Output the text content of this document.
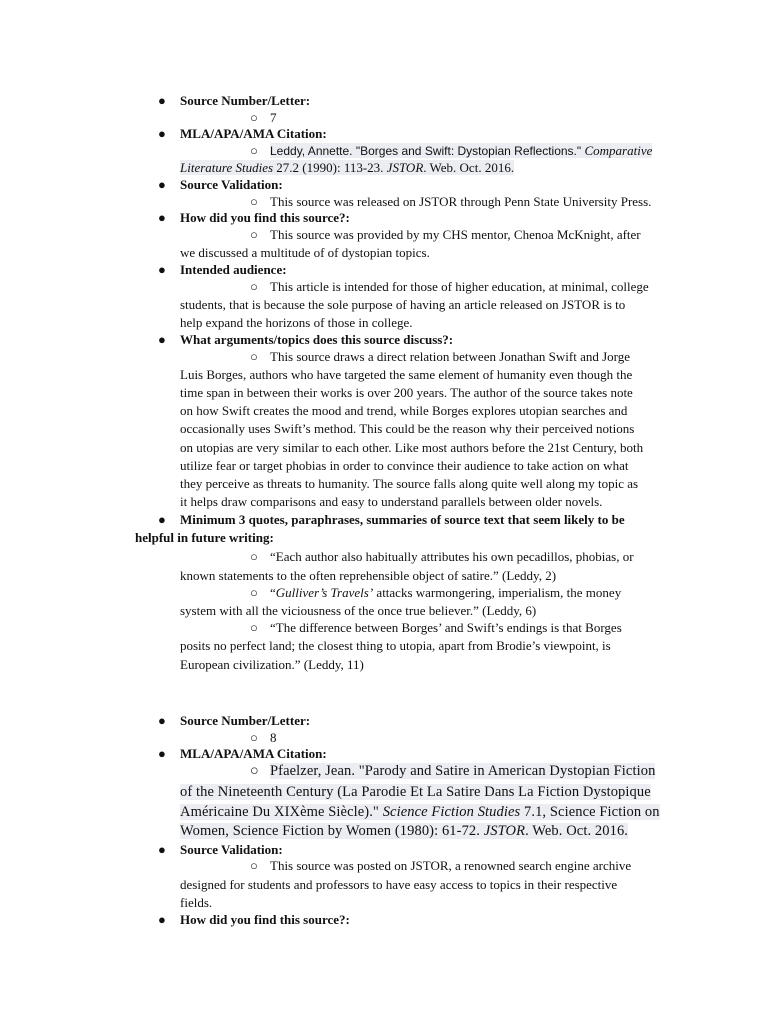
● Source Number/Letter:
○ 7
● MLA/APA/AMA Citation:
○ Leddy, Annette. "Borges and Swift: Dystopian Reflections." Comparative
Literature Studies 27.2 (1990): 113-23. JSTOR. Web. Oct. 2016.
● Source Validation:
○ This source was released on JSTOR through Penn State University Press.
● How did you find this source?:
○ This source was provided by my CHS mentor, Chenoa McKnight, after
we discussed a multitude of of dystopian topics.
● Intended audience:
○ This article is intended for those of higher education, at minimal, college
students, that is because the sole purpose of having an article released on JSTOR is to
help expand the horizons of those in college.
● What arguments/topics does this source discuss?:
○ This source draws a direct relation between Jonathan Swift and Jorge
Luis Borges, authors who have targeted the same element of humanity even though the
time span in between their works is over 200 years. The author of the source takes note
on how Swift creates the mood and trend, while Borges explores utopian searches and
occasionally uses Swift’s method. This could be the reason why their perceived notions
on utopias are very similar to each other. Like most authors before the 21st Century, both
utilize fear or target phobias in order to convince their audience to take action on what
they perceive as threats to humanity. The source falls along quite well along my topic as
it helps draw comparisons and easy to understand parallels between older novels.
● Minimum 3 quotes, paraphrases, summaries of source text that seem likely to be
helpful in future writing:
○ “Each author also habitually attributes his own pecadillos, phobias, or
known statements to the often reprehensible object of satire.” (Leddy, 2)
○ “Gulliver’s Travels’ attacks warmongering, imperialism, the money
system with all the viciousness of the once true believer.” (Leddy, 6)
○ “The difference between Borges’ and Swift’s endings is that Borges
posits no perfect land; the closest thing to utopia, apart from Brodie’s viewpoint, is
European civilization.” (Leddy, 11)
● Source Number/Letter:
○ 8
● MLA/APA/AMA Citation:
○ Pfaelzer, Jean. "Parody and Satire in American Dystopian Fiction
of the Nineteenth Century (La Parodie Et La Satire Dans La Fiction Dystopique
Américaine Du XIXème Siècle)." Science Fiction Studies 7.1, Science Fiction on
Women, Science Fiction by Women (1980): 61-72. JSTOR. Web. Oct. 2016.
● Source Validation:
○ This source was posted on JSTOR, a renowned search engine archive
designed for students and professors to have easy access to topics in their respective
fields.
● How did you find this source?:
